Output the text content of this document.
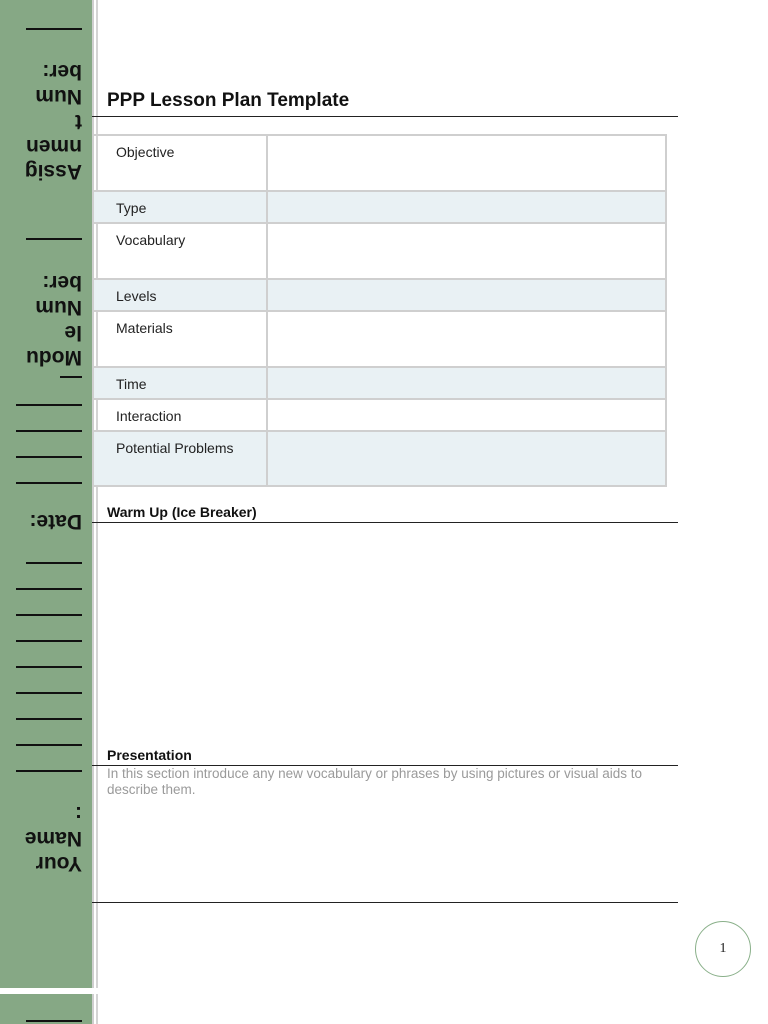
Assig
nmen
t
Num
ber:
Modu
le
Num
ber:
Date:
Your
Name
:
PPP Lesson Plan Template
Objective	
Type	
Vocabulary	
Levels	
Materials	
Time	
Interaction	
Potential Problems	
Warm Up (Ice Breaker)
Presentation
In this section introduce any new vocabulary or phrases by using pictures or visual aids to describe them.
1
